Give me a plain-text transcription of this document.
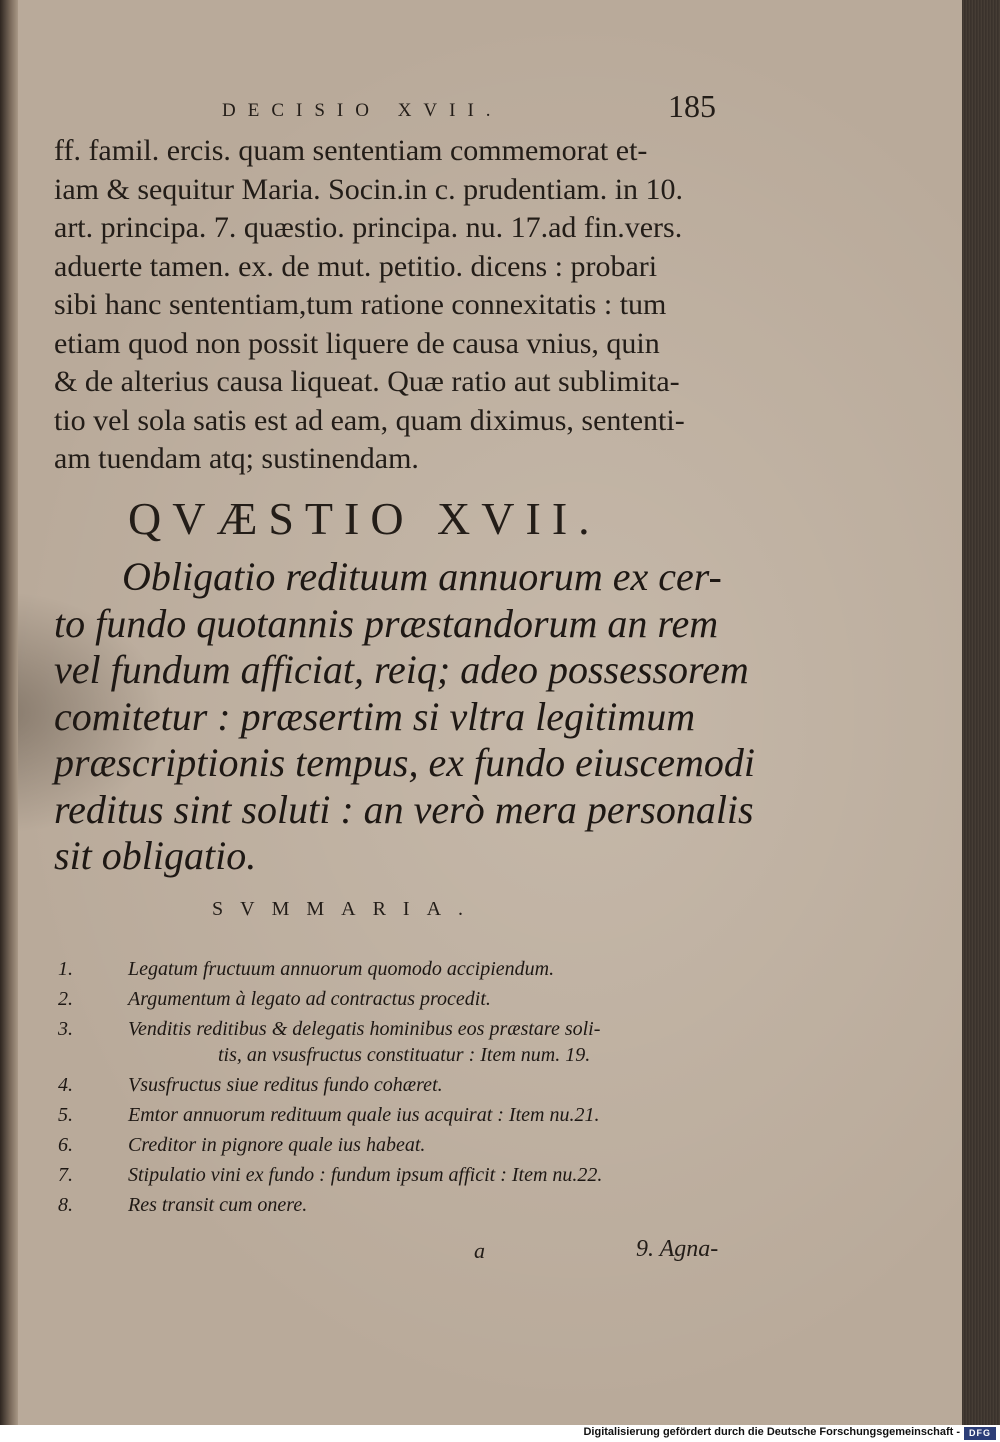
DECISIO XVII.	185
ff. famil. ercis. quam sententiam commemorat et-
iam & sequitur Maria. Socin.in c. prudentiam. in 10.
art. principa. 7. quæstio. principa. nu. 17.ad fin.vers.
aduerte tamen. ex. de mut. petitio. dicens : probari
sibi hanc sententiam,tum ratione connexitatis : tum
etiam quod non possit liquere de causa vnius, quin
& de alterius causa liqueat. Quæ ratio aut sublimita-
tio vel sola satis est ad eam, quam diximus, sententi-
am tuendam atq; sustinendam.
QVÆSTIO XVII.
Obligatio redituum annuorum ex cer-
to fundo quotannis præstandorum an rem
vel fundum afficiat, reiq; adeo possessorem
comitetur : præsertim si vltra legitimum
præscriptionis tempus, ex fundo eiuscemodi
reditus sint soluti : an verò mera personalis
sit obligatio.
SVMMARIA.
1.	Legatum fructuum annuorum quomodo accipiendum.
2.	Argumentum à legato ad contractus procedit.
3.	Venditis reditibus & delegatis hominibus eos præstare soli-
tis, an vsusfructus constituatur : Item num. 19.
4.	Vsusfructus siue reditus fundo cohæret.
5.	Emtor annuorum redituum quale ius acquirat : Item nu.21.
6.	Creditor in pignore quale ius habeat.
7.	Stipulatio vini ex fundo : fundum ipsum afficit : Item nu.22.
8.	Res transit cum onere.
a	9. Agna-
Digitalisierung gefördert durch die Deutsche Forschungsgemeinschaft -	DFG
